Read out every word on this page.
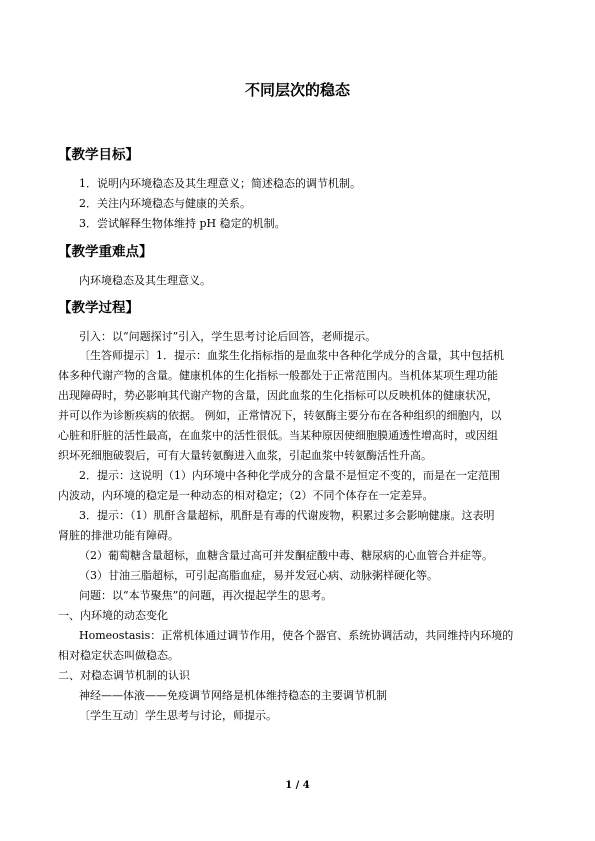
不同层次的稳态
【教学目标】
1．说明内环境稳态及其生理意义；简述稳态的调节机制。
2．关注内环境稳态与健康的关系。
3．尝试解释生物体维持 pH 稳定的机制。
【教学重难点】
内环境稳态及其生理意义。
【教学过程】
引入：以“问题探讨”引入，学生思考讨论后回答，老师提示。
〔生答师提示〕1．提示：血浆生化指标指的是血浆中各种化学成分的含量，其中包括机
体多种代谢产物的含量。健康机体的生化指标一般都处于正常范围内。当机体某项生理功能
出现障碍时，势必影响其代谢产物的含量，因此血浆的生化指标可以反映机体的健康状况，
并可以作为诊断疾病的依据。 例如，正常情况下，转氨酶主要分布在各种组织的细胞内，以
心脏和肝脏的活性最高，在血浆中的活性很低。当某种原因使细胞膜通透性增高时，或因组
织坏死细胞破裂后，可有大量转氨酶进入血浆，引起血浆中转氨酶活性升高。
2．提示：这说明（1）内环境中各种化学成分的含量不是恒定不变的，而是在一定范围
内波动，内环境的稳定是一种动态的相对稳定；（2）不同个体存在一定差异。
3．提示：（1）肌酐含量超标，肌酐是有毒的代谢废物，积累过多会影响健康。这表明
肾脏的排泄功能有障碍。
（2）葡萄糖含量超标，血糖含量过高可并发酮症酸中毒、糖尿病的心血管合并症等。
（3）甘油三脂超标，可引起高脂血症，易并发冠心病、动脉粥样硬化等。
问题：以“本节聚焦”的问题，再次提起学生的思考。
一、内环境的动态变化
Homeostasis：正常机体通过调节作用，使各个器官、系统协调活动，共同维持内环境的
相对稳定状态叫做稳态。
二、对稳态调节机制的认识
神经——体液——免疫调节网络是机体维持稳态的主要调节机制
〔学生互动〕学生思考与讨论，师提示。
1 / 4
